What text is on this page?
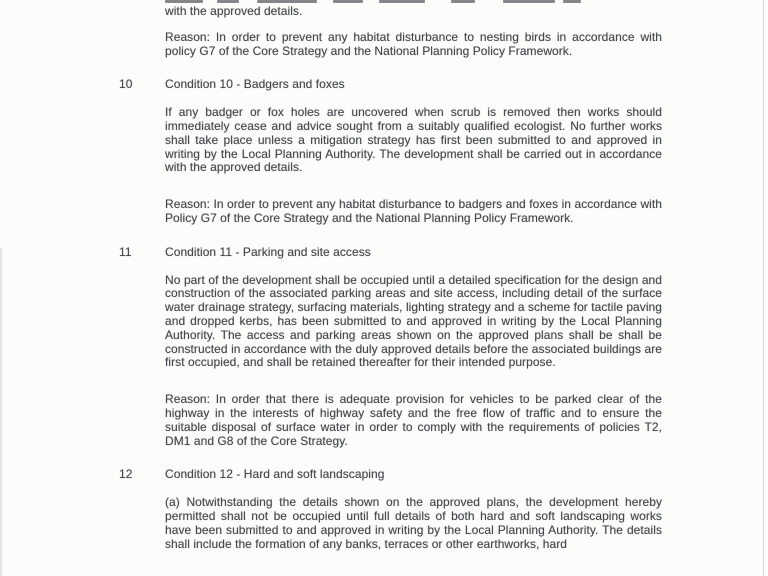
with the approved details.

Reason: In order to prevent any habitat disturbance to nesting birds in accordance with policy G7 of the Core Strategy and the National Planning Policy Framework.

10	Condition 10 - Badgers and foxes

If any badger or fox holes are uncovered when scrub is removed then works should immediately cease and advice sought from a suitably qualified ecologist. No further works shall take place unless a mitigation strategy has first been submitted to and approved in writing by the Local Planning Authority. The development shall be carried out in accordance with the approved details.

Reason: In order to prevent any habitat disturbance to badgers and foxes in accordance with Policy G7 of the Core Strategy and the National Planning Policy Framework.

11	Condition 11 - Parking and site access

No part of the development shall be occupied until a detailed specification for the design and construction of the associated parking areas and site access, including detail of the surface water drainage strategy, surfacing materials, lighting strategy and a scheme for tactile paving and dropped kerbs, has been submitted to and approved in writing by the Local Planning Authority. The access and parking areas shown on the approved plans shall be shall be constructed in accordance with the duly approved details before the associated buildings are first occupied, and shall be retained thereafter for their intended purpose.

Reason: In order that there is adequate provision for vehicles to be parked clear of the highway in the interests of highway safety and the free flow of traffic and to ensure the suitable disposal of surface water in order to comply with the requirements of policies T2, DM1 and G8 of the Core Strategy.

12	Condition 12 - Hard and soft landscaping

(a) Notwithstanding the details shown on the approved plans, the development hereby permitted shall not be occupied until full details of both hard and soft landscaping works have been submitted to and approved in writing by the Local Planning Authority. The details shall include the formation of any banks, terraces or other earthworks, hard
